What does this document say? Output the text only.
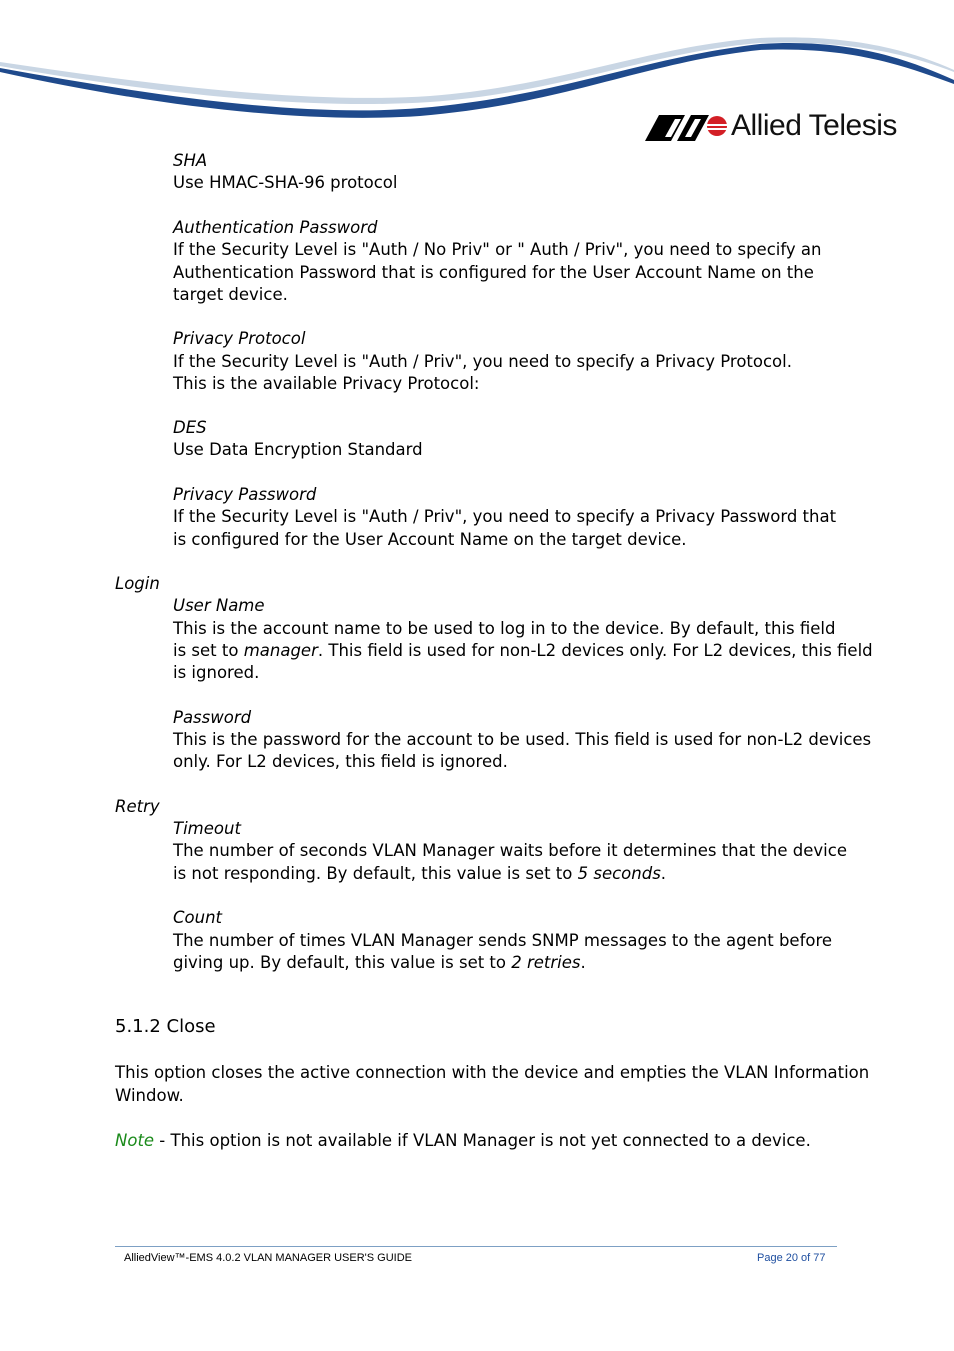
Allied Telesis
SHA
Use HMAC-SHA-96 protocol
Authentication Password
If the Security Level is "Auth / No Priv" or " Auth / Priv", you need to specify an
Authentication Password that is configured for the User Account Name on the
target device.
Privacy Protocol
If the Security Level is "Auth / Priv", you need to specify a Privacy Protocol.
This is the available Privacy Protocol:
DES
Use Data Encryption Standard
Privacy Password
If the Security Level is "Auth / Priv", you need to specify a Privacy Password that
is configured for the User Account Name on the target device.
Login
User Name
This is the account name to be used to log in to the device. By default, this field
is set to manager. This field is used for non-L2 devices only. For L2 devices, this field
is ignored.
Password
This is the password for the account to be used. This field is used for non-L2 devices
only. For L2 devices, this field is ignored.
Retry
Timeout
The number of seconds VLAN Manager waits before it determines that the device
is not responding. By default, this value is set to 5 seconds.
Count
The number of times VLAN Manager sends SNMP messages to the agent before
giving up. By default, this value is set to 2 retries.
5.1.2 Close
This option closes the active connection with the device and empties the VLAN Information
Window.
Note - This option is not available if VLAN Manager is not yet connected to a device.
AlliedView™-EMS 4.0.2 VLAN MANAGER USER'S GUIDE	Page 20 of 77
